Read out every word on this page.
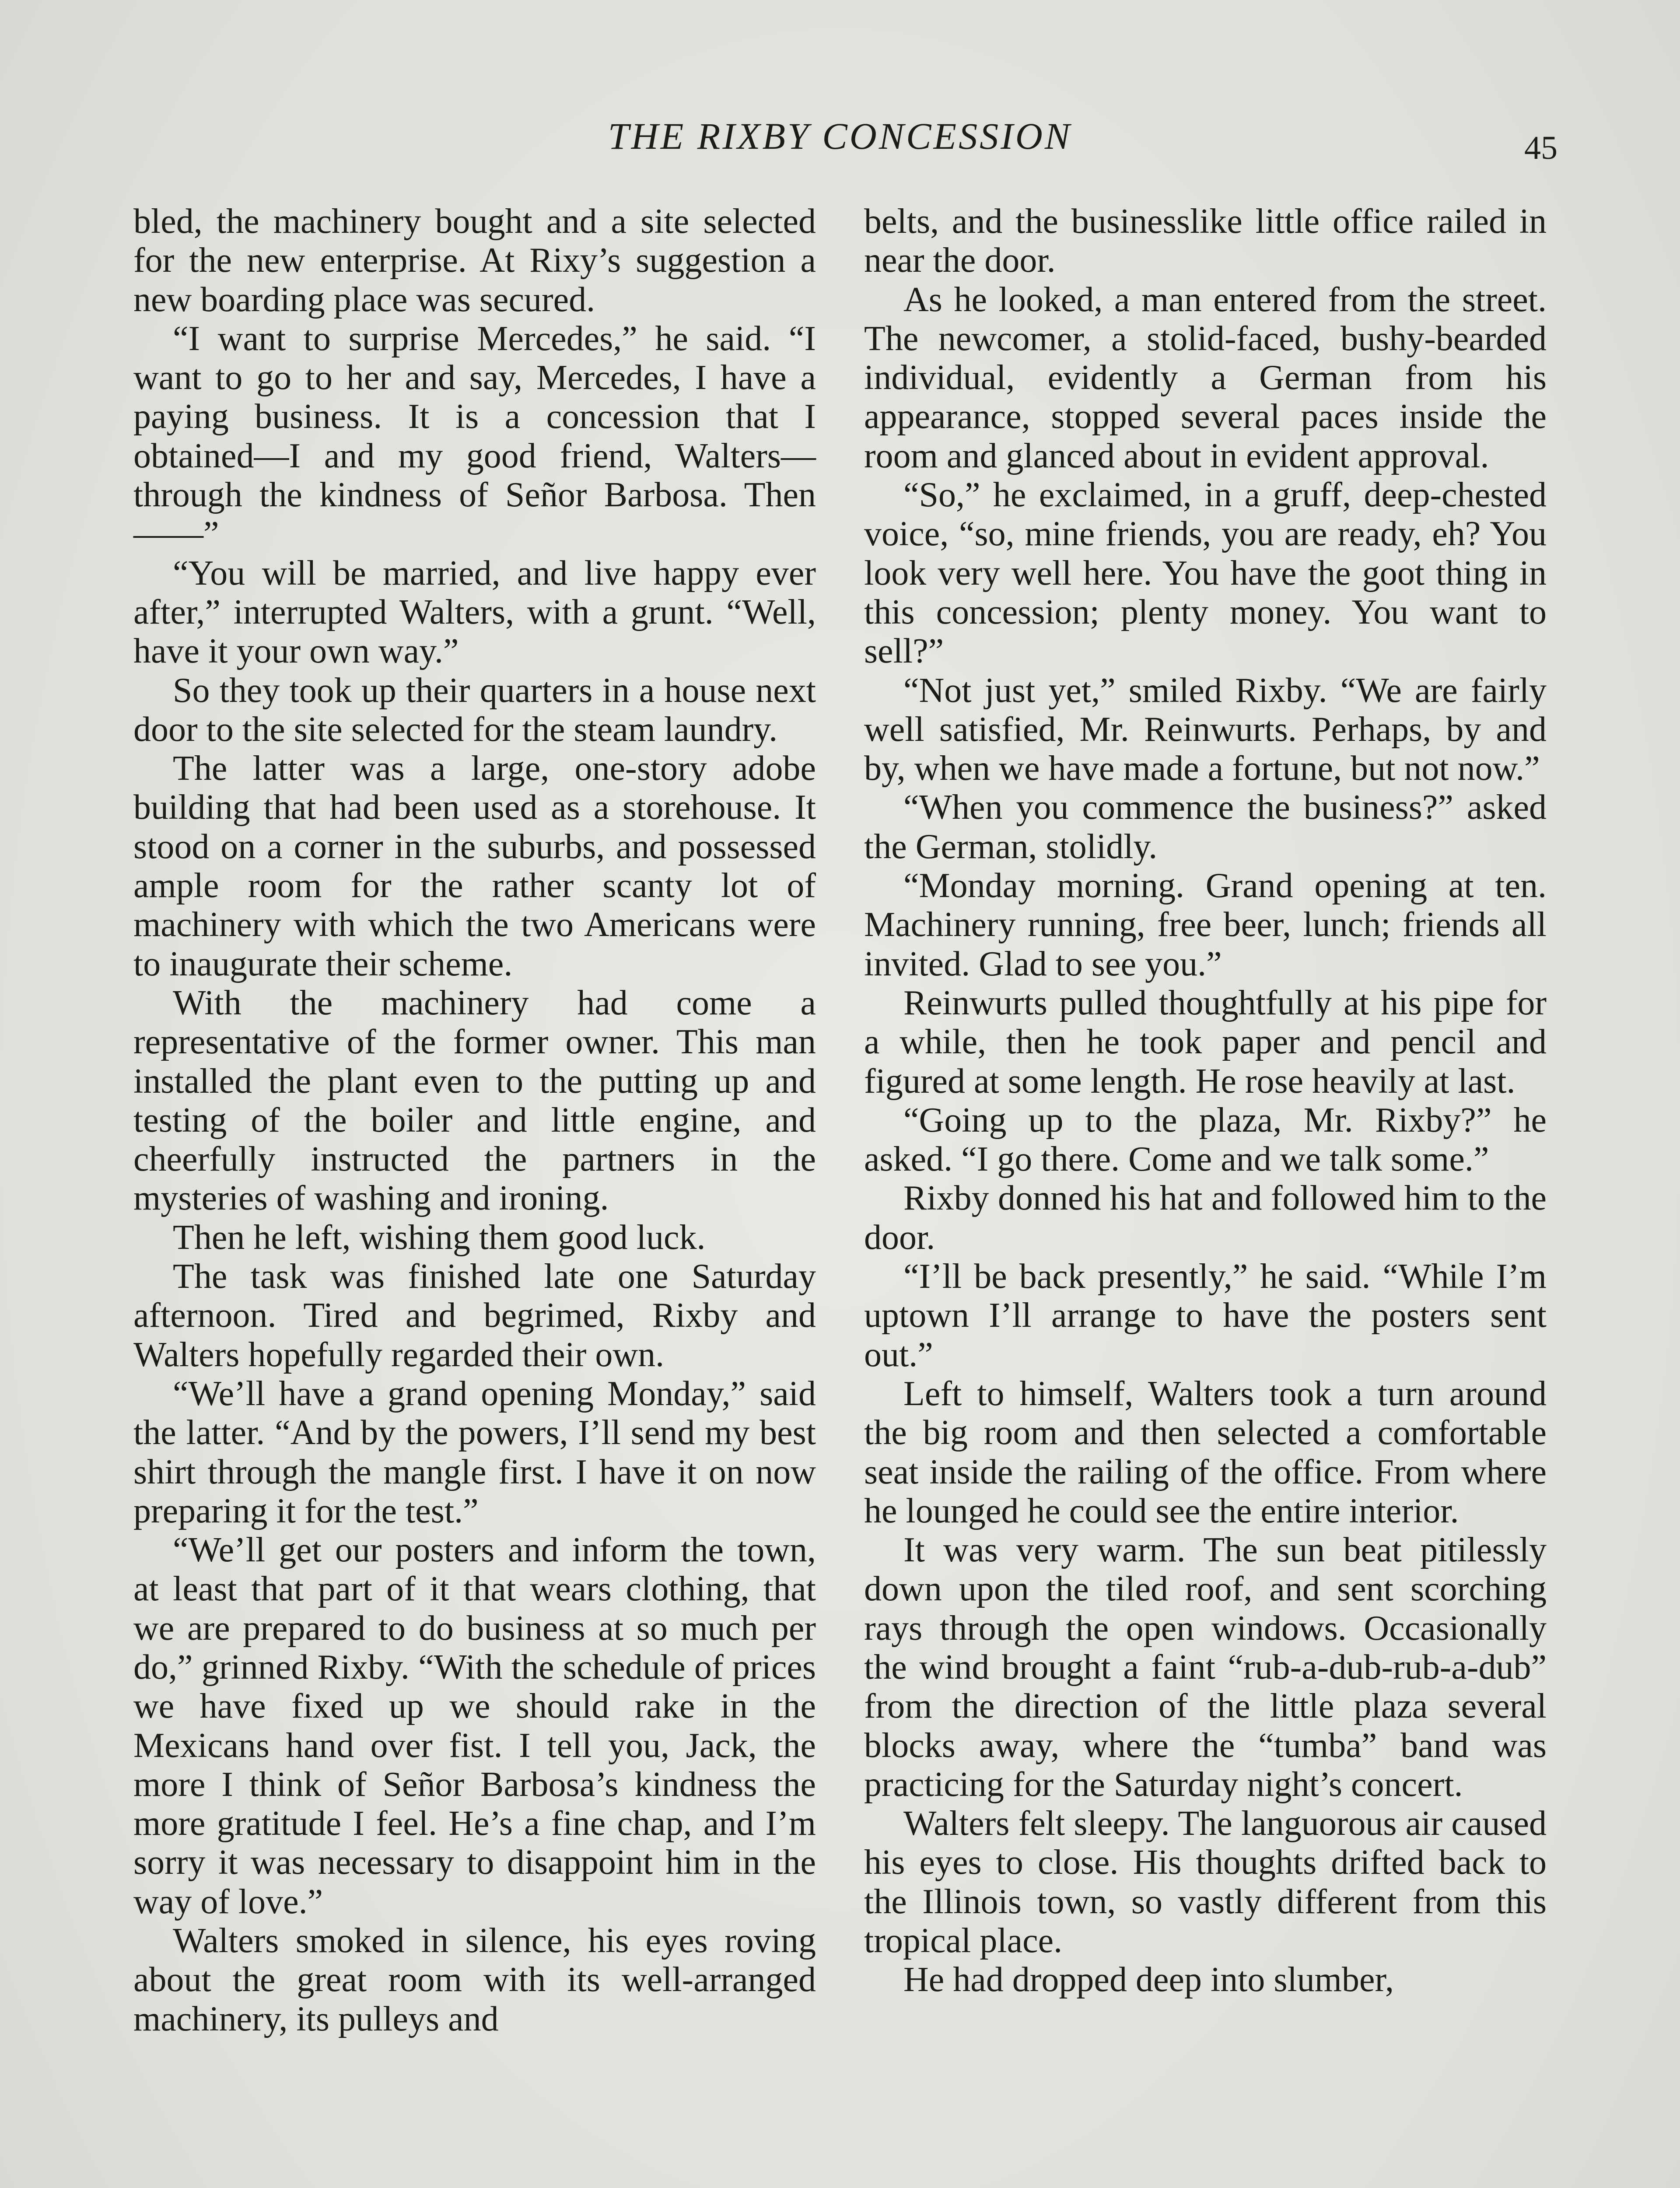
THE RIXBY CONCESSION	45

bled, the machinery bought and a site selected for the new enterprise. At Rixy’s suggestion a new boarding place was secured.

“I want to surprise Mercedes,” he said. “I want to go to her and say, Mercedes, I have a paying business. It is a concession that I obtained—I and my good friend, Walters—through the kindness of Señor Barbosa. Then——”

“You will be married, and live happy ever after,” interrupted Walters, with a grunt. “Well, have it your own way.”

So they took up their quarters in a house next door to the site selected for the steam laundry.

The latter was a large, one-story adobe building that had been used as a storehouse. It stood on a corner in the suburbs, and possessed ample room for the rather scanty lot of machinery with which the two Americans were to inaugurate their scheme.

With the machinery had come a representative of the former owner. This man installed the plant even to the putting up and testing of the boiler and little engine, and cheerfully instructed the partners in the mysteries of washing and ironing.

Then he left, wishing them good luck.

The task was finished late one Saturday afternoon. Tired and begrimed, Rixby and Walters hopefully regarded their own.

“We’ll have a grand opening Monday,” said the latter. “And by the powers, I’ll send my best shirt through the mangle first. I have it on now preparing it for the test.”

“We’ll get our posters and inform the town, at least that part of it that wears clothing, that we are prepared to do business at so much per do,” grinned Rixby. “With the schedule of prices we have fixed up we should rake in the Mexicans hand over fist. I tell you, Jack, the more I think of Señor Barbosa’s kindness the more gratitude I feel. He’s a fine chap, and I’m sorry it was necessary to disappoint him in the way of love.”

Walters smoked in silence, his eyes roving about the great room with its well-arranged machinery, its pulleys and

belts, and the businesslike little office railed in near the door.

As he looked, a man entered from the street. The newcomer, a stolid-faced, bushy-bearded individual, evidently a German from his appearance, stopped several paces inside the room and glanced about in evident approval.

“So,” he exclaimed, in a gruff, deep-chested voice, “so, mine friends, you are ready, eh? You look very well here. You have the goot thing in this concession; plenty money. You want to sell?”

“Not just yet,” smiled Rixby. “We are fairly well satisfied, Mr. Reinwurts. Perhaps, by and by, when we have made a fortune, but not now.”

“When you commence the business?” asked the German, stolidly.

“Monday morning. Grand opening at ten. Machinery running, free beer, lunch; friends all invited. Glad to see you.”

Reinwurts pulled thoughtfully at his pipe for a while, then he took paper and pencil and figured at some length. He rose heavily at last.

“Going up to the plaza, Mr. Rixby?” he asked. “I go there. Come and we talk some.”

Rixby donned his hat and followed him to the door.

“I’ll be back presently,” he said. “While I’m uptown I’ll arrange to have the posters sent out.”

Left to himself, Walters took a turn around the big room and then selected a comfortable seat inside the railing of the office. From where he lounged he could see the entire interior.

It was very warm. The sun beat pitilessly down upon the tiled roof, and sent scorching rays through the open windows. Occasionally the wind brought a faint “rub-a-dub-rub-a-dub” from the direction of the little plaza several blocks away, where the “tumba” band was practicing for the Saturday night’s concert.

Walters felt sleepy. The languorous air caused his eyes to close. His thoughts drifted back to the Illinois town, so vastly different from this tropical place.

He had dropped deep into slumber,
